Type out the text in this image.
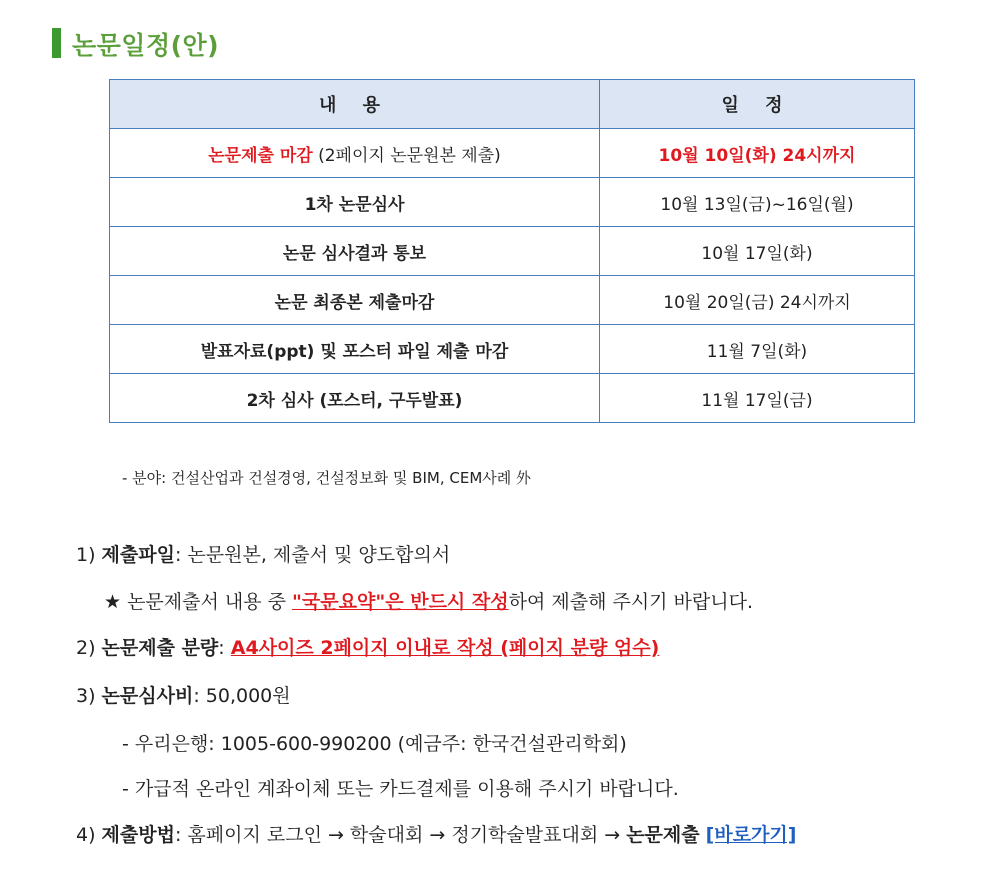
논문일정(안)
내 용	일 정
논문제출 마감 (2페이지 논문원본 제출)	10월 10일(화) 24시까지
1차 논문심사	10월 13일(금)~16일(월)
논문 심사결과 통보	10월 17일(화)
논문 최종본 제출마감	10월 20일(금) 24시까지
발표자료(ppt) 및 포스터 파일 제출 마감	11월 7일(화)
2차 심사 (포스터, 구두발표)	11월 17일(금)
- 분야: 건설산업과 건설경영, 건설정보화 및 BIM, CEM사례 外
1) 제출파일: 논문원본, 제출서 및 양도합의서
★ 논문제출서 내용 중 "국문요약"은 반드시 작성하여 제출해 주시기 바랍니다.
2) 논문제출 분량: A4사이즈 2페이지 이내로 작성 (페이지 분량 엄수)
3) 논문심사비: 50,000원
- 우리은행: 1005-600-990200 (예금주: 한국건설관리학회)
- 가급적 온라인 계좌이체 또는 카드결제를 이용해 주시기 바랍니다.
4) 제출방법: 홈페이지 로그인 → 학술대회 → 정기학술발표대회 → 논문제출 [바로가기]
